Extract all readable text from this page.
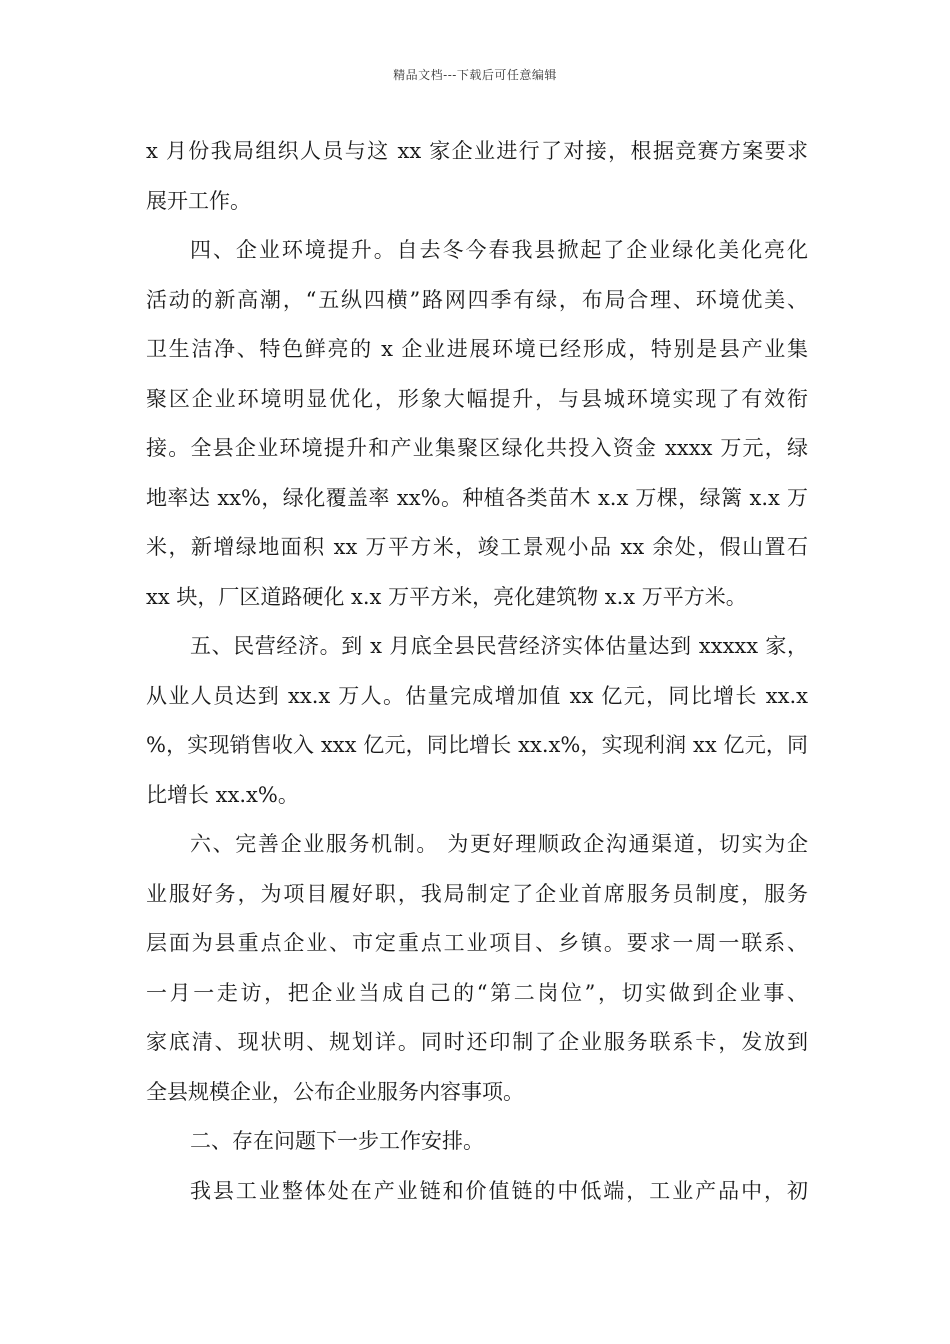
精品文档---下载后可任意编辑
x 月份我局组织人员与这 xx 家企业进行了对接，根据竞赛方案要求
展开工作。
四、企业环境提升。自去冬今春我县掀起了企业绿化美化亮化
活动的新高潮，“五纵四横”路网四季有绿，布局合理、环境优美、
卫生洁净、特色鲜亮的 x 企业进展环境已经形成，特别是县产业集
聚区企业环境明显优化，形象大幅提升，与县城环境实现了有效衔
接。全县企业环境提升和产业集聚区绿化共投入资金 xxxx 万元，绿
地率达 xx%，绿化覆盖率 xx%。种植各类苗木 x.x 万棵，绿篱 x.x 万
米，新增绿地面积 xx 万平方米，竣工景观小品 xx 余处，假山置石
xx 块，厂区道路硬化 x.x 万平方米，亮化建筑物 x.x 万平方米。
五、民营经济。到 x 月底全县民营经济实体估量达到 xxxxx 家，
从业人员达到 xx.x 万人。估量完成增加值 xx 亿元，同比增长 xx.x
%，实现销售收入 xxx 亿元，同比增长 xx.x%，实现利润 xx 亿元，同
比增长 xx.x%。
六、完善企业服务机制。 为更好理顺政企沟通渠道，切实为企
业服好务，为项目履好职，我局制定了企业首席服务员制度，服务
层面为县重点企业、市定重点工业项目、乡镇。要求一周一联系、
一月一走访，把企业当成自己的“第二岗位”，切实做到企业事、
家底清、现状明、规划详。同时还印制了企业服务联系卡，发放到
全县规模企业，公布企业服务内容事项。
二、存在问题下一步工作安排。
我县工业整体处在产业链和价值链的中低端，工业产品中，初
